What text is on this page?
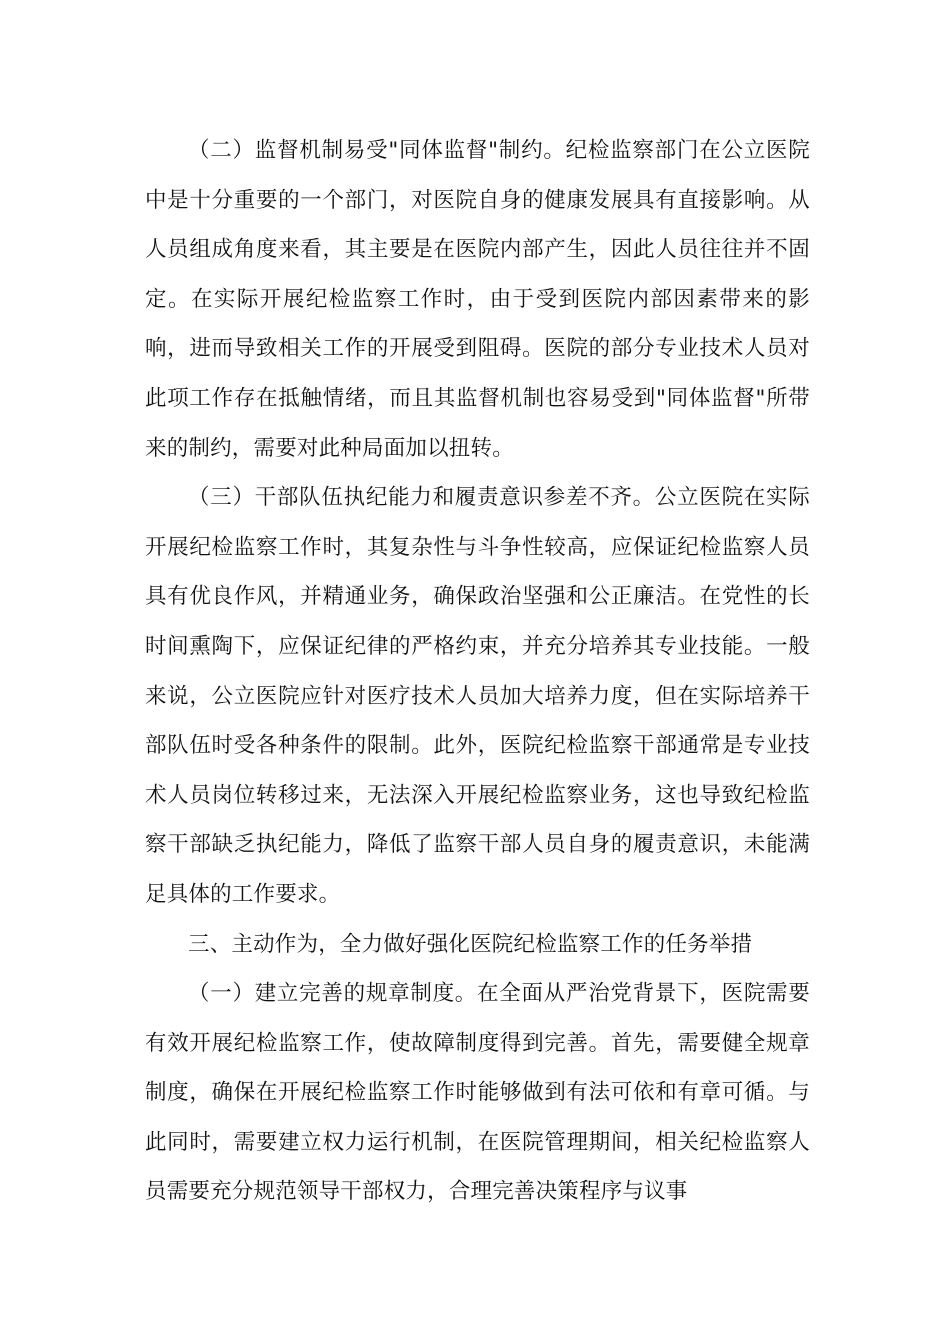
（二）监督机制易受"同体监督"制约。纪检监察部门在公立医院中是十分重要的一个部门，对医院自身的健康发展具有直接影响。从人员组成角度来看，其主要是在医院内部产生，因此人员往往并不固定。在实际开展纪检监察工作时，由于受到医院内部因素带来的影响，进而导致相关工作的开展受到阻碍。医院的部分专业技术人员对此项工作存在抵触情绪，而且其监督机制也容易受到"同体监督"所带来的制约，需要对此种局面加以扭转。

（三）干部队伍执纪能力和履责意识参差不齐。公立医院在实际开展纪检监察工作时，其复杂性与斗争性较高，应保证纪检监察人员具有优良作风，并精通业务，确保政治坚强和公正廉洁。在党性的长时间熏陶下，应保证纪律的严格约束，并充分培养其专业技能。一般来说，公立医院应针对医疗技术人员加大培养力度，但在实际培养干部队伍时受各种条件的限制。此外，医院纪检监察干部通常是专业技术人员岗位转移过来，无法深入开展纪检监察业务，这也导致纪检监察干部缺乏执纪能力，降低了监察干部人员自身的履责意识，未能满足具体的工作要求。

三、主动作为，全力做好强化医院纪检监察工作的任务举措

（一）建立完善的规章制度。在全面从严治党背景下，医院需要有效开展纪检监察工作，使故障制度得到完善。首先，需要健全规章制度，确保在开展纪检监察工作时能够做到有法可依和有章可循。与此同时，需要建立权力运行机制，在医院管理期间，相关纪检监察人员需要充分规范领导干部权力，合理完善决策程序与议事
